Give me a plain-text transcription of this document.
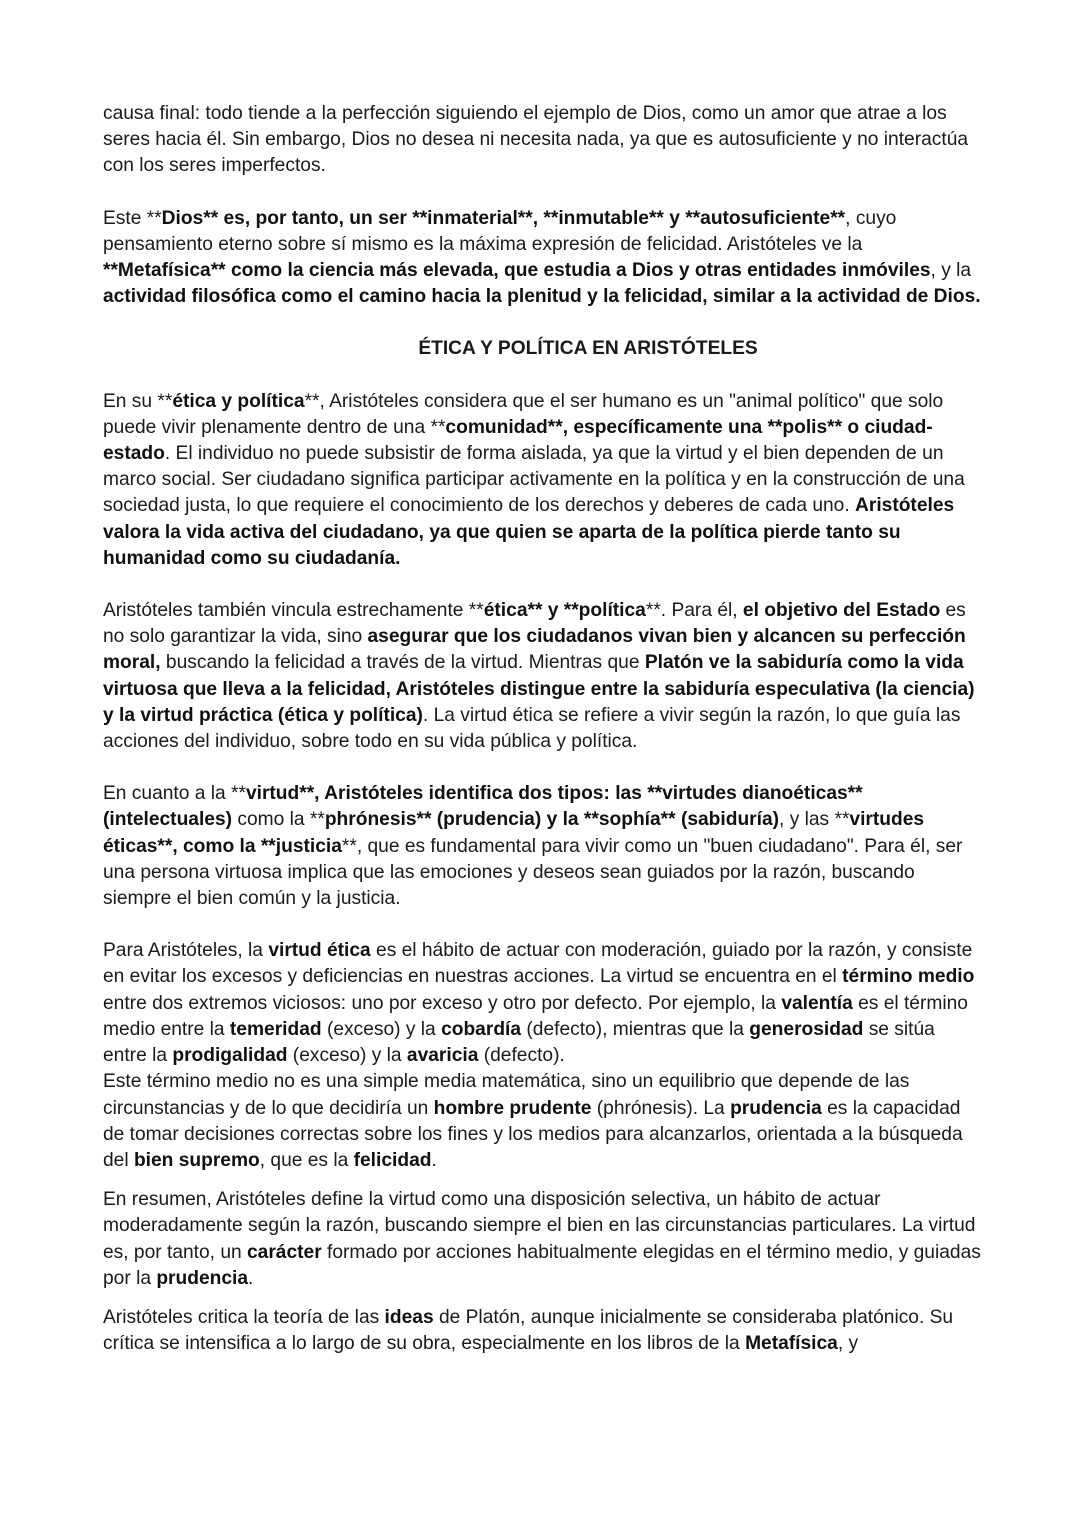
causa final: todo tiende a la perfección siguiendo el ejemplo de Dios, como un amor que atrae a los seres hacia él. Sin embargo, Dios no desea ni necesita nada, ya que es autosuficiente y no interactúa con los seres imperfectos.

Este **Dios** es, por tanto, un ser **inmaterial**, **inmutable** y **autosuficiente**, cuyo pensamiento eterno sobre sí mismo es la máxima expresión de felicidad. Aristóteles ve la **Metafísica** como la ciencia más elevada, que estudia a Dios y otras entidades inmóviles, y la actividad filosófica como el camino hacia la plenitud y la felicidad, similar a la actividad de Dios.

ÉTICA Y POLÍTICA EN ARISTÓTELES

En su **ética y política**, Aristóteles considera que el ser humano es un "animal político" que solo puede vivir plenamente dentro de una **comunidad**, específicamente una **polis** o ciudad-estado. El individuo no puede subsistir de forma aislada, ya que la virtud y el bien dependen de un marco social. Ser ciudadano significa participar activamente en la política y en la construcción de una sociedad justa, lo que requiere el conocimiento de los derechos y deberes de cada uno. Aristóteles valora la vida activa del ciudadano, ya que quien se aparta de la política pierde tanto su humanidad como su ciudadanía.

Aristóteles también vincula estrechamente **ética** y **política**. Para él, el objetivo del Estado es no solo garantizar la vida, sino asegurar que los ciudadanos vivan bien y alcancen su perfección moral, buscando la felicidad a través de la virtud. Mientras que Platón ve la sabiduría como la vida virtuosa que lleva a la felicidad, Aristóteles distingue entre la sabiduría especulativa (la ciencia) y la virtud práctica (ética y política). La virtud ética se refiere a vivir según la razón, lo que guía las acciones del individuo, sobre todo en su vida pública y política.

En cuanto a la **virtud**, Aristóteles identifica dos tipos: las **virtudes dianoéticas** (intelectuales) como la **phrónesis** (prudencia) y la **sophía** (sabiduría), y las **virtudes éticas**, como la **justicia**, que es fundamental para vivir como un "buen ciudadano". Para él, ser una persona virtuosa implica que las emociones y deseos sean guiados por la razón, buscando siempre el bien común y la justicia.

Para Aristóteles, la virtud ética es el hábito de actuar con moderación, guiado por la razón, y consiste en evitar los excesos y deficiencias en nuestras acciones. La virtud se encuentra en el término medio entre dos extremos viciosos: uno por exceso y otro por defecto. Por ejemplo, la valentía es el término medio entre la temeridad (exceso) y la cobardía (defecto), mientras que la generosidad se sitúa entre la prodigalidad (exceso) y la avaricia (defecto).

Este término medio no es una simple media matemática, sino un equilibrio que depende de las circunstancias y de lo que decidiría un hombre prudente (phrónesis). La prudencia es la capacidad de tomar decisiones correctas sobre los fines y los medios para alcanzarlos, orientada a la búsqueda del bien supremo, que es la felicidad.

En resumen, Aristóteles define la virtud como una disposición selectiva, un hábito de actuar moderadamente según la razón, buscando siempre el bien en las circunstancias particulares. La virtud es, por tanto, un carácter formado por acciones habitualmente elegidas en el término medio, y guiadas por la prudencia.

Aristóteles critica la teoría de las ideas de Platón, aunque inicialmente se consideraba platónico. Su crítica se intensifica a lo largo de su obra, especialmente en los libros de la Metafísica, y
